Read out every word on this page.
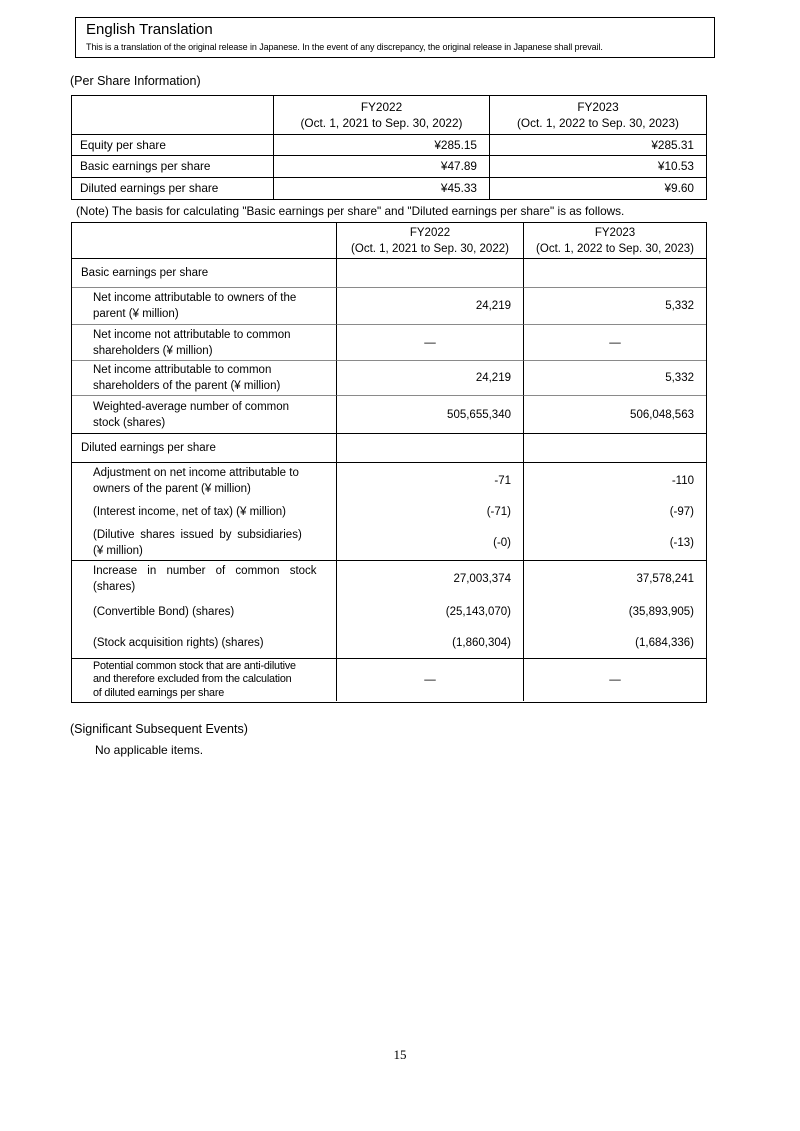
English Translation
This is a translation of the original release in Japanese. In the event of any discrepancy, the original release in Japanese shall prevail.
(Per Share Information)
FY2022
(Oct. 1, 2021 to Sep. 30, 2022)
FY2023
(Oct. 1, 2022 to Sep. 30, 2023)
Equity per share	¥285.15	¥285.31
Basic earnings per share	¥47.89	¥10.53
Diluted earnings per share	¥45.33	¥9.60
(Note) The basis for calculating "Basic earnings per share" and "Diluted earnings per share" is as follows.
FY2022
(Oct. 1, 2021 to Sep. 30, 2022)
FY2023
(Oct. 1, 2022 to Sep. 30, 2023)
Basic earnings per share
Net income attributable to owners of the
parent (¥ million)
24,219	5,332
Net income not attributable to common
shareholders (¥ million)
—	—
Net income attributable to common
shareholders of the parent (¥ million)
24,219	5,332
Weighted-average number of common
stock (shares)
505,655,340	506,048,563
Diluted earnings per share
Adjustment on net income attributable to
owners of the parent (¥ million)
-71	-110
(Interest income, net of tax) (¥ million)	(-71)	(-97)
(Dilutive shares issued by subsidiaries)
(¥ million)
(-0)	(-13)
Increase in number of common stock
(shares)
27,003,374	37,578,241
(Convertible Bond) (shares)	(25,143,070)	(35,893,905)
(Stock acquisition rights) (shares)	(1,860,304)	(1,684,336)
Potential common stock that are anti-dilutive
and therefore excluded from the calculation
of diluted earnings per share
—	—
(Significant Subsequent Events)
No applicable items.
15
